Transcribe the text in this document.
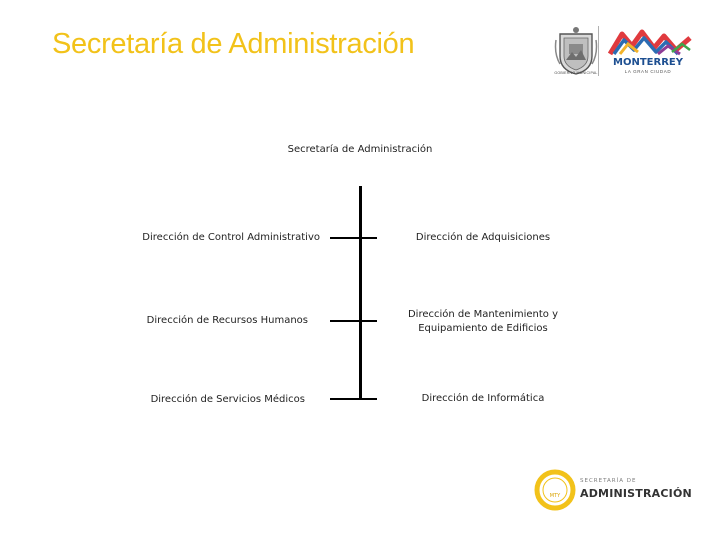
Secretaría de Administración
GOBIERNO MUNICIPAL
MONTERREY
LA GRAN CIUDAD
Secretaría de Administración
Dirección de Control Administrativo
Dirección de Recursos Humanos
Dirección de Servicios Médicos
Dirección de Adquisiciones
Dirección de Mantenimiento y
Equipamiento de Edificios
Dirección de Informática
MTY
SECRETARÍA DE
ADMINISTRACIÓN
